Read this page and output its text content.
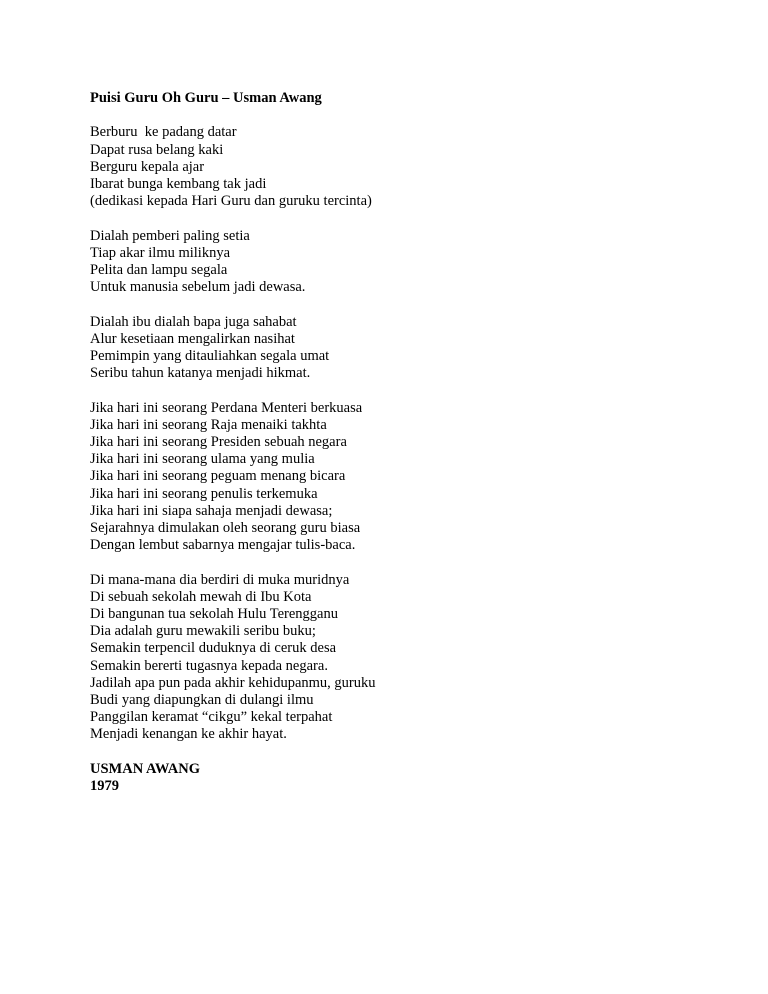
Puisi Guru Oh Guru – Usman Awang
Berburu  ke padang datar
Dapat rusa belang kaki
Berguru kepala ajar
Ibarat bunga kembang tak jadi
(dedikasi kepada Hari Guru dan guruku tercinta)
Dialah pemberi paling setia
Tiap akar ilmu miliknya
Pelita dan lampu segala
Untuk manusia sebelum jadi dewasa.
Dialah ibu dialah bapa juga sahabat
Alur kesetiaan mengalirkan nasihat
Pemimpin yang ditauliahkan segala umat
Seribu tahun katanya menjadi hikmat.
Jika hari ini seorang Perdana Menteri berkuasa
Jika hari ini seorang Raja menaiki takhta
Jika hari ini seorang Presiden sebuah negara
Jika hari ini seorang ulama yang mulia
Jika hari ini seorang peguam menang bicara
Jika hari ini seorang penulis terkemuka
Jika hari ini siapa sahaja menjadi dewasa;
Sejarahnya dimulakan oleh seorang guru biasa
Dengan lembut sabarnya mengajar tulis-baca.
Di mana-mana dia berdiri di muka muridnya
Di sebuah sekolah mewah di Ibu Kota
Di bangunan tua sekolah Hulu Terengganu
Dia adalah guru mewakili seribu buku;
Semakin terpencil duduknya di ceruk desa
Semakin bererti tugasnya kepada negara.
Jadilah apa pun pada akhir kehidupanmu, guruku
Budi yang diapungkan di dulangi ilmu
Panggilan keramat “cikgu” kekal terpahat
Menjadi kenangan ke akhir hayat.
USMAN AWANG
1979
